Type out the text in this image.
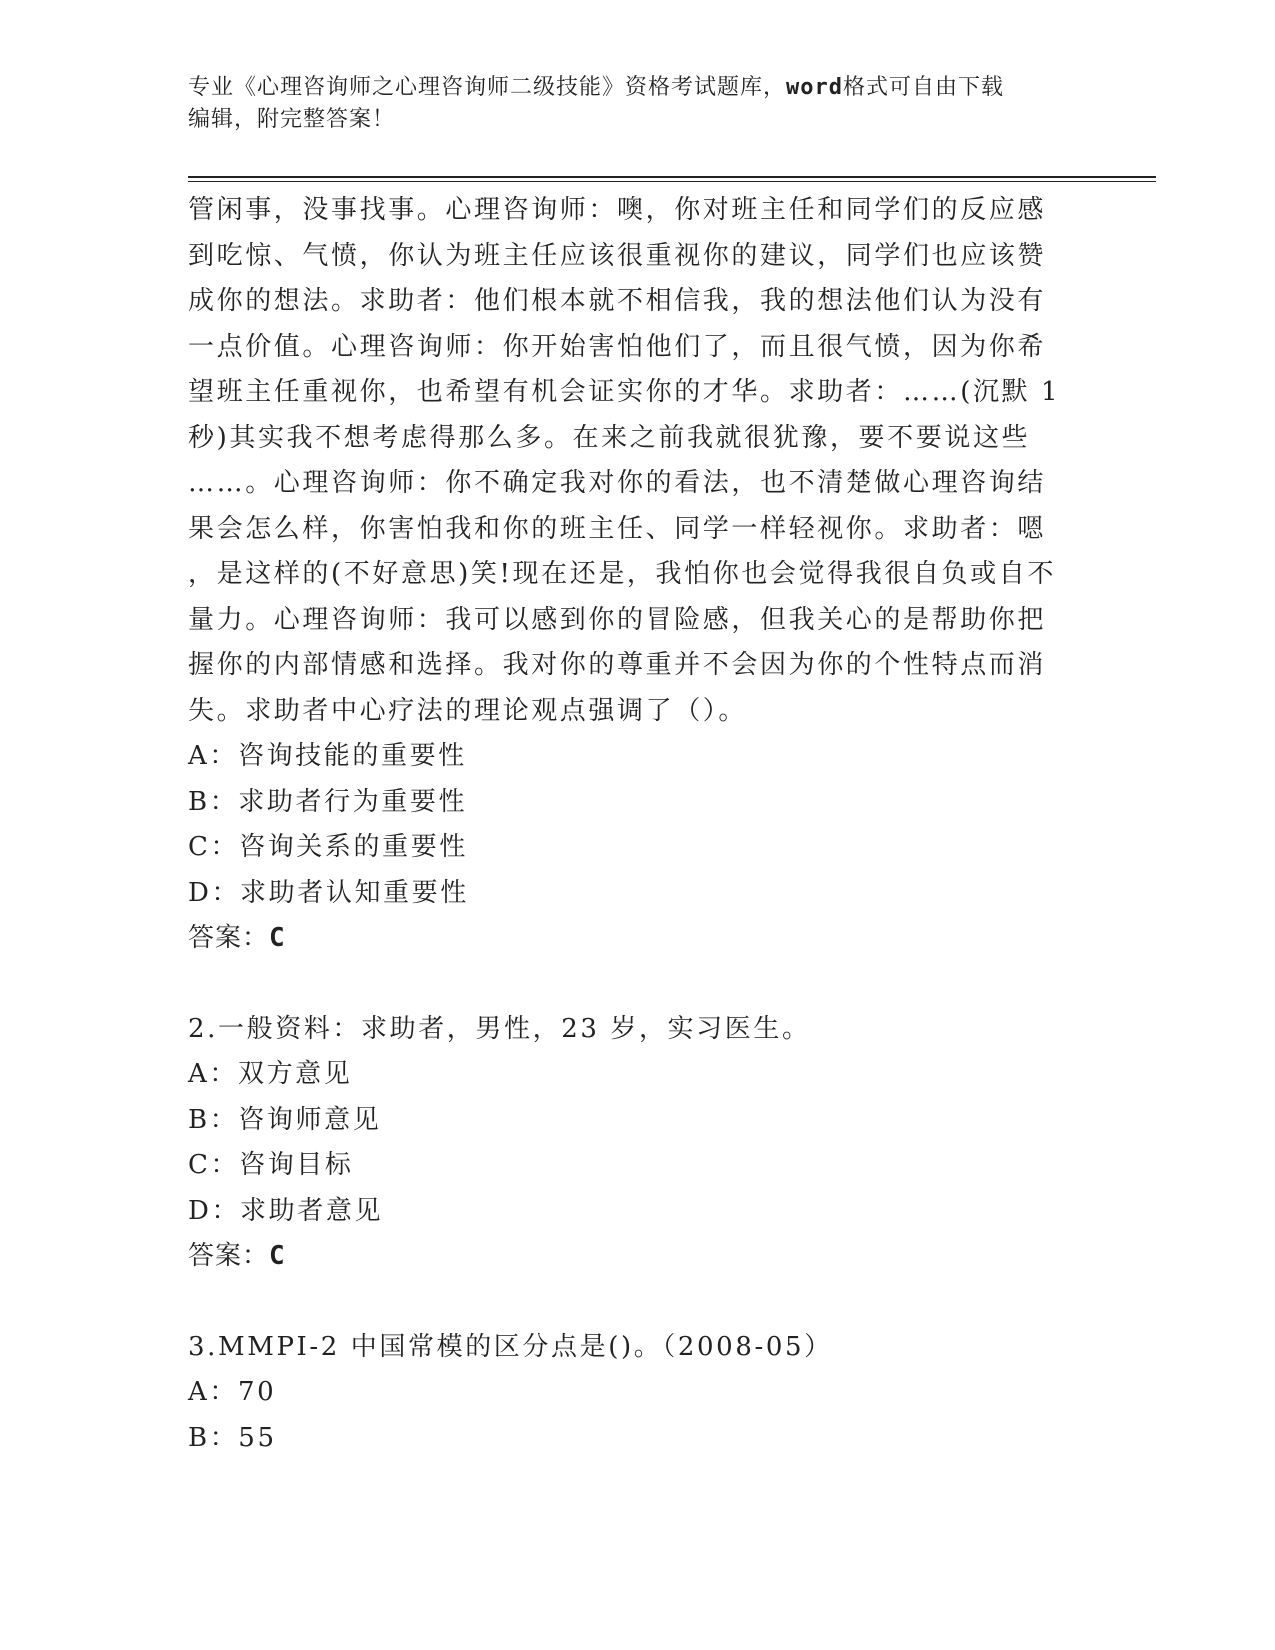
专业《心理咨询师之心理咨询师二级技能》资格考试题库，word格式可自由下载
编辑，附完整答案！
管闲事，没事找事。心理咨询师：噢，你对班主任和同学们的反应感
到吃惊、气愤，你认为班主任应该很重视你的建议，同学们也应该赞
成你的想法。求助者：他们根本就不相信我，我的想法他们认为没有
一点价值。心理咨询师：你开始害怕他们了，而且很气愤，因为你希
望班主任重视你，也希望有机会证实你的才华。求助者：……(沉默 1
秒)其实我不想考虑得那么多。在来之前我就很犹豫，要不要说这些
……。心理咨询师：你不确定我对你的看法，也不清楚做心理咨询结
果会怎么样，你害怕我和你的班主任、同学一样轻视你。求助者：嗯
，是这样的(不好意思)笑!现在还是，我怕你也会觉得我很自负或自不
量力。心理咨询师：我可以感到你的冒险感，但我关心的是帮助你把
握你的内部情感和选择。我对你的尊重并不会因为你的个性特点而消
失。求助者中心疗法的理论观点强调了（）。
A：咨询技能的重要性
B：求助者行为重要性
C：咨询关系的重要性
D：求助者认知重要性
答案：C
2.一般资料：求助者，男性，23 岁，实习医生。
A：双方意见
B：咨询师意见
C：咨询目标
D：求助者意见
答案：C
3.MMPI-2 中国常模的区分点是()。（2008-05）
A：70
B：55
